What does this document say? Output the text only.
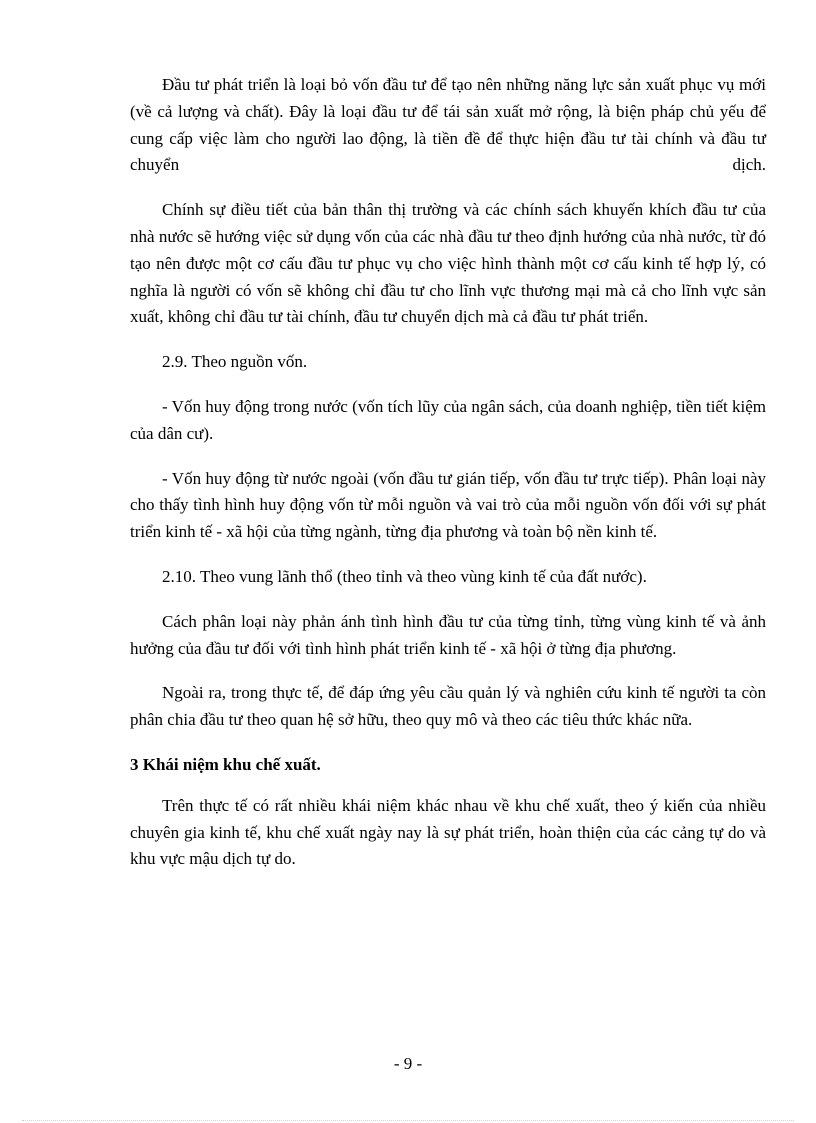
Đầu tư phát triển là loại bỏ vốn đầu tư để tạo nên những năng lực sản xuất phục vụ mới (về cả lượng và chất). Đây là loại đầu tư để tái sản xuất mở rộng, là biện pháp chủ yếu để cung cấp việc làm cho người lao động, là tiền đề để thực hiện đầu tư tài chính và đầu tư chuyển dịch.

Chính sự điều tiết của bản thân thị trường và các chính sách khuyến khích đầu tư của nhà nước sẽ hướng việc sử dụng vốn của các nhà đầu tư theo định hướng của nhà nước, từ đó tạo nên được một cơ cấu đầu tư phục vụ cho việc hình thành một cơ cấu kinh tế hợp lý, có nghĩa là người có vốn sẽ không chỉ đầu tư cho lĩnh vực thương mại mà cả cho lĩnh vực sản xuất, không chỉ đầu tư tài chính, đầu tư chuyển dịch mà cả đầu tư phát triển.

2.9. Theo nguồn vốn.

- Vốn huy động trong nước (vốn tích lũy của ngân sách, của doanh nghiệp, tiền tiết kiệm của dân cư).

- Vốn huy động từ nước ngoài (vốn đầu tư gián tiếp, vốn đầu tư trực tiếp). Phân loại này cho thấy tình hình huy động vốn từ mỗi nguồn và vai trò của mỗi nguồn vốn đối với sự phát triển kinh tế - xã hội của từng ngành, từng địa phương và toàn bộ nền kinh tế.

2.10. Theo vung lãnh thổ (theo tỉnh và theo vùng kinh tế của đất nước).

Cách phân loại này phản ánh tình hình đầu tư của từng tỉnh, từng vùng kinh tế và ảnh hưởng của đầu tư đối với tình hình phát triển kinh tế - xã hội ở từng địa phương.

Ngoài ra, trong thực tế, để đáp ứng yêu cầu quản lý và nghiên cứu kinh tế người ta còn phân chia đầu tư theo quan hệ sở hữu, theo quy mô và theo các tiêu thức khác nữa.

3 Khái niệm khu chế xuất.

Trên thực tế có rất nhiều khái niệm khác nhau về khu chế xuất, theo ý kiến của nhiều chuyên gia kinh tế, khu chế xuất ngày nay là sự phát triển, hoàn thiện của các cảng tự do và khu vực mậu dịch tự do.

- 9 -
